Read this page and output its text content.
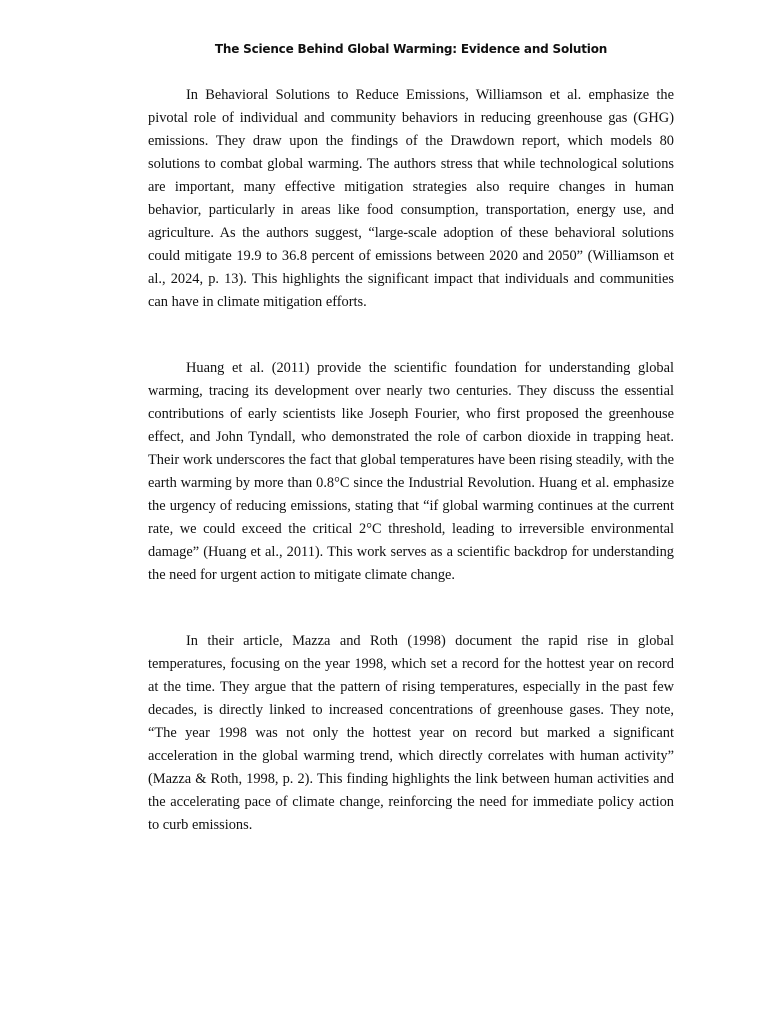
The Science Behind Global Warming: Evidence and Solution

In Behavioral Solutions to Reduce Emissions, Williamson et al. emphasize the pivotal role of individual and community behaviors in reducing greenhouse gas (GHG) emissions. They draw upon the findings of the Drawdown report, which models 80 solutions to combat global warming. The authors stress that while technological solutions are important, many effective mitigation strategies also require changes in human behavior, particularly in areas like food consumption, transportation, energy use, and agriculture. As the authors suggest, “large-scale adoption of these behavioral solutions could mitigate 19.9 to 36.8 percent of emissions between 2020 and 2050” (Williamson et al., 2024, p. 13). This highlights the significant impact that individuals and communities can have in climate mitigation efforts.

Huang et al. (2011) provide the scientific foundation for understanding global warming, tracing its development over nearly two centuries. They discuss the essential contributions of early scientists like Joseph Fourier, who first proposed the greenhouse effect, and John Tyndall, who demonstrated the role of carbon dioxide in trapping heat. Their work underscores the fact that global temperatures have been rising steadily, with the earth warming by more than 0.8°C since the Industrial Revolution. Huang et al. emphasize the urgency of reducing emissions, stating that “if global warming continues at the current rate, we could exceed the critical 2°C threshold, leading to irreversible environmental damage” (Huang et al., 2011). This work serves as a scientific backdrop for understanding the need for urgent action to mitigate climate change.

In their article, Mazza and Roth (1998) document the rapid rise in global temperatures, focusing on the year 1998, which set a record for the hottest year on record at the time. They argue that the pattern of rising temperatures, especially in the past few decades, is directly linked to increased concentrations of greenhouse gases. They note, “The year 1998 was not only the hottest year on record but marked a significant acceleration in the global warming trend, which directly correlates with human activity” (Mazza & Roth, 1998, p. 2). This finding highlights the link between human activities and the accelerating pace of climate change, reinforcing the need for immediate policy action to curb emissions.
